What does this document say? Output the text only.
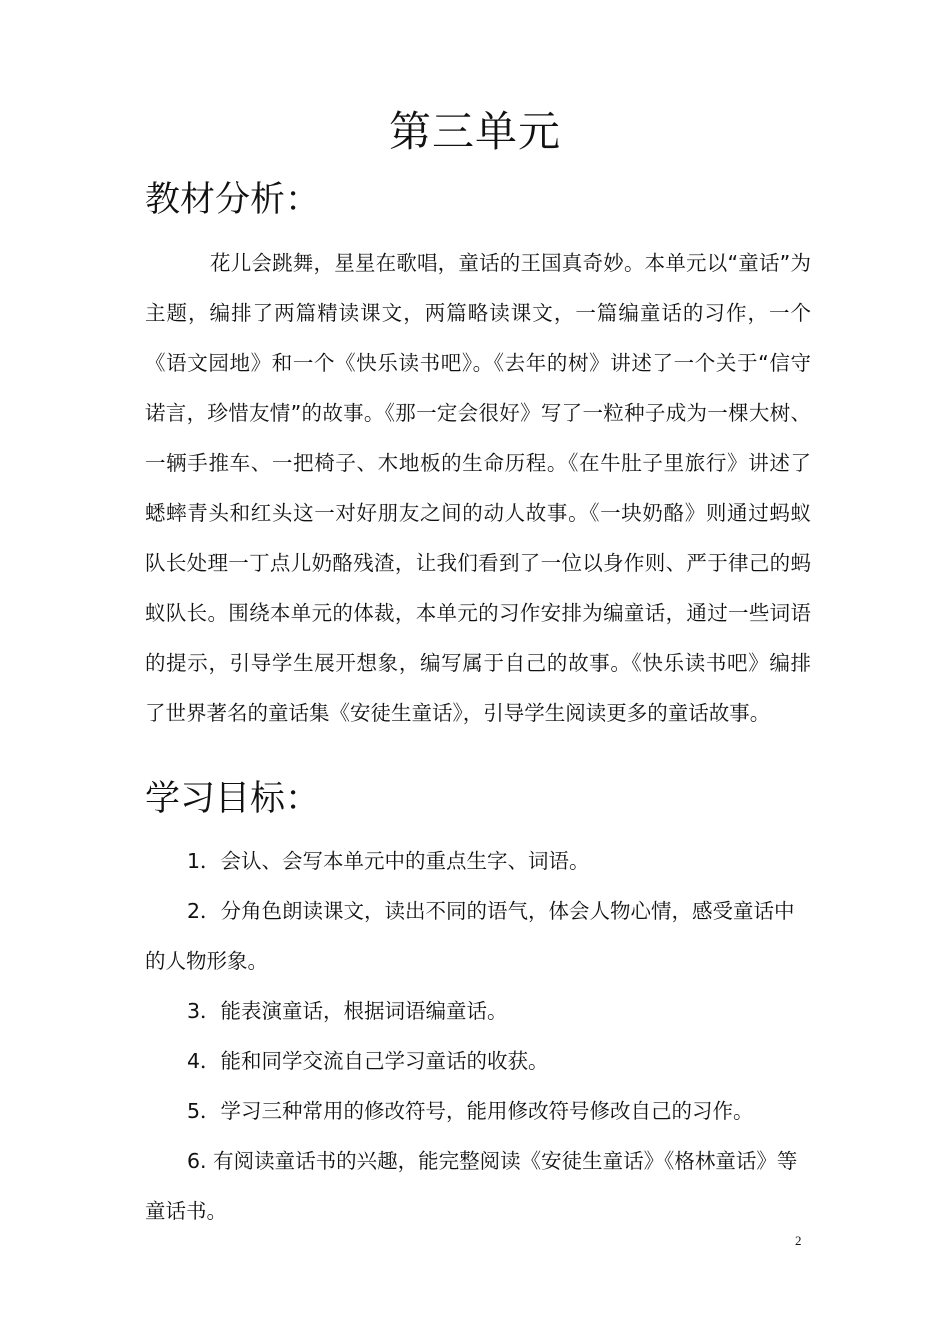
第三单元
教材分析：

花儿会跳舞，星星在歌唱，童话的王国真奇妙。本单元以“童话”为主题，编排了两篇精读课文，两篇略读课文，一篇编童话的习作，一个《语文园地》和一个《快乐读书吧》。《去年的树》讲述了一个关于“信守诺言，珍惜友情”的故事。《那一定会很好》写了一粒种子成为一棵大树、一辆手推车、一把椅子、木地板的生命历程。《在牛肚子里旅行》讲述了蟋蟀青头和红头这一对好朋友之间的动人故事。《一块奶酪》则通过蚂蚁队长处理一丁点儿奶酪残渣，让我们看到了一位以身作则、严于律己的蚂蚁队长。围绕本单元的体裁，本单元的习作安排为编童话，通过一些词语的提示，引导学生展开想象，编写属于自己的故事。《快乐读书吧》编排了世界著名的童话集《安徒生童话》，引导学生阅读更多的童话故事。

学习目标：
1．会认、会写本单元中的重点生字、词语。
2．分角色朗读课文，读出不同的语气，体会人物心情，感受童话中的人物形象。
3．能表演童话，根据词语编童话。
4．能和同学交流自己学习童话的收获。
5．学习三种常用的修改符号，能用修改符号修改自己的习作。
6. 有阅读童话书的兴趣，能完整阅读《安徒生童话》《格林童话》等童话书。
2
